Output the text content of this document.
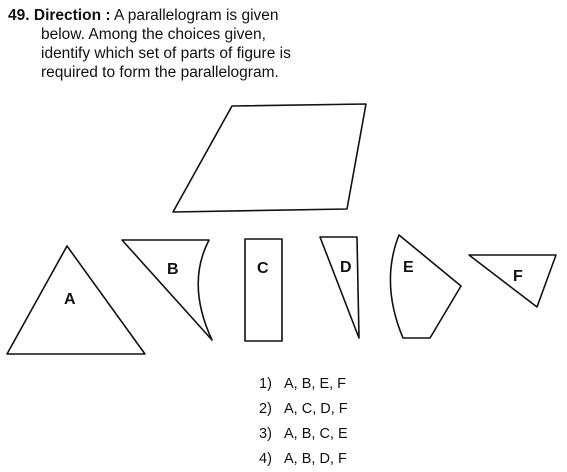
49. Direction : A parallelogram is given
below. Among the choices given,
identify which set of parts of figure is
required to form the parallelogram.
A
B	C	D	E
F
1) A, B, E, F
2) A, C, D, F
3) A, B, C, E
4) A, B, D, F
